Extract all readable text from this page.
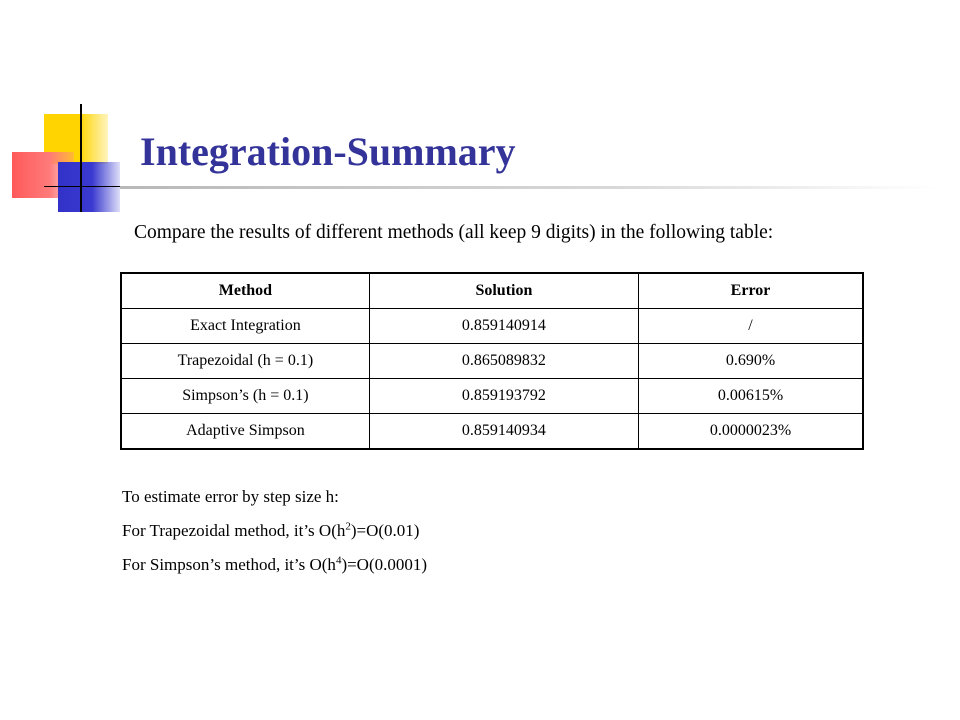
Integration-Summary
Compare the results of different methods (all keep 9 digits) in the following table:
Method	Solution	Error
Exact Integration	0.859140914	/
Trapezoidal (h = 0.1)	0.865089832	0.690%
Simpson’s (h = 0.1)	0.859193792	0.00615%
Adaptive Simpson	0.859140934	0.0000023%
To estimate error by step size h:
For Trapezoidal method, it’s $O(h^2)=O(0.01)$
For Simpson’s method, it’s $O(h^4)=O(0.0001)$
